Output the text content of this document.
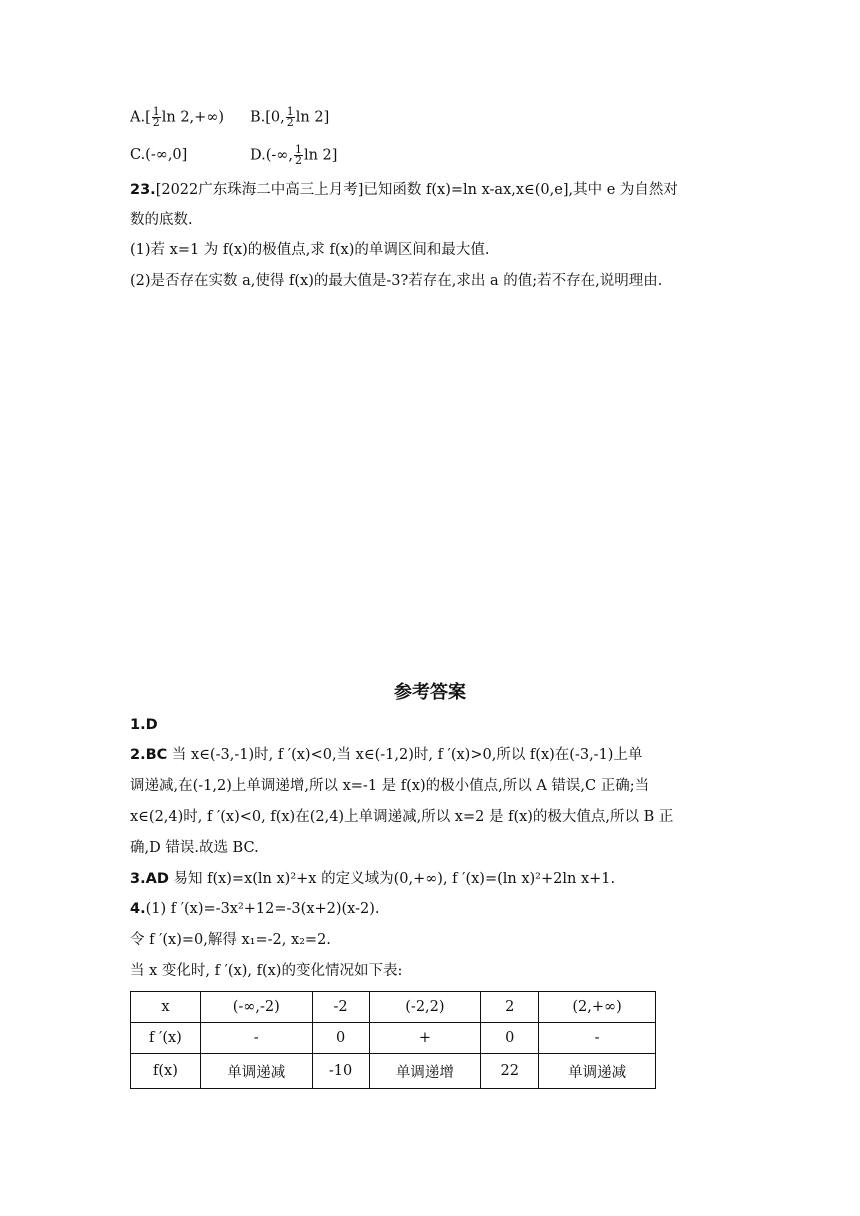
$A.[ \frac{1}{2}$ ln 2,+∞) B.[0, $\frac{1}{2}$ ln 2]
C.(-∞,0]	D.(-∞, $\frac{1}{2}$ ln 2]
23.[2022广东珠海二中高三上月考]已知函数 f(x)=ln x-ax,x∈(0,e],其中 e 为自然对
数的底数.
(1)若 x=1 为 f(x)的极值点,求 f(x)的单调区间和最大值.
(2)是否存在实数 a,使得 f(x)的最大值是-3?若存在,求出 a 的值;若不存在,说明理由.
参考答案
1.D
2.BC 当 x∈(-3,-1)时, f ′(x)<0,当 x∈(-1,2)时, f ′(x)>0,所以 f(x)在(-3,-1)上单
调递减,在(-1,2)上单调递增,所以 x=-1 是 f(x)的极小值点,所以 A 错误,C 正确;当
x∈(2,4)时, f ′(x)<0, f(x)在(2,4)上单调递减,所以 x=2 是 f(x)的极大值点,所以 B 正
确,D 错误.故选 BC.
3.AD 易知 f(x)=x(ln x)²+x 的定义域为(0,+∞), f ′(x)=(ln x)²+2ln x+1.
4.(1) f ′(x)=-3x²+12=-3(x+2)(x-2).
令 f ′(x)=0,解得 x₁=-2, x₂=2.
当 x 变化时, f ′(x), f(x)的变化情况如下表:
x	(-∞,-2)	-2	(-2,2)	2	(2,+∞)
f ′(x)	-	0	+	0	-
f(x)	单调递减	-10	单调递增	22	单调递减
